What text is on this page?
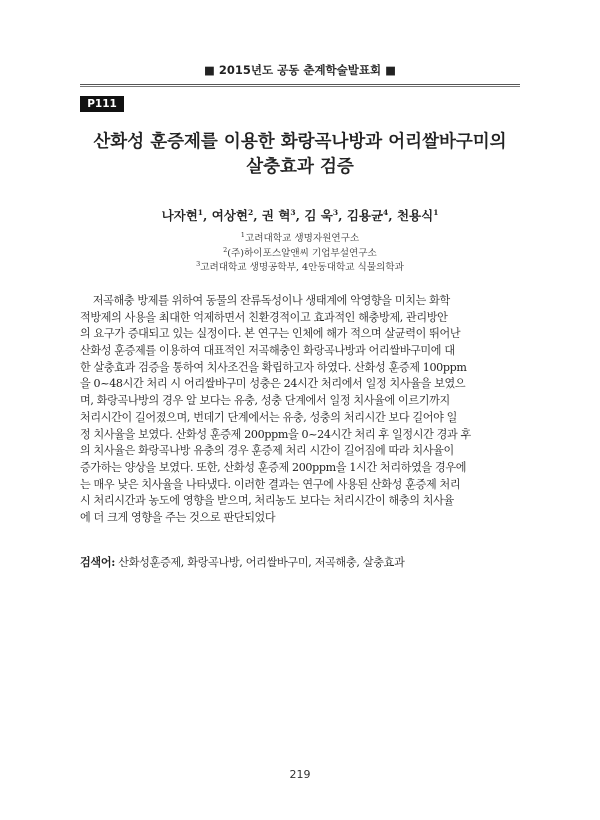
■ 2015년도 공동 춘계학술발표회 ■
P111
산화성 훈증제를 이용한 화랑곡나방과 어리쌀바구미의
살충효과 검증
나자현$^1$, 여상현$^2$, 권 혁$^3$, 김 욱$^3$, 김용균$^4$, 천용식$^1$
$^1$고려대학교 생명자원연구소
$^2$(주)하이포스알앤씨 기업부설연구소
$^3$고려대학교 생명공학부, 4안동대학교 식물의학과
저곡해충 방제를 위하여 동물의 잔류독성이나 생태계에 악영향을 미치는 화학
적방제의 사용을 최대한 억제하면서 친환경적이고 효과적인 해충방제, 관리방안
의 요구가 증대되고 있는 실정이다. 본 연구는 인체에 해가 적으며 살균력이 뛰어난
산화성 훈증제를 이용하여 대표적인 저곡해충인 화랑곡나방과 어리쌀바구미에 대
한 살충효과 검증을 통하여 치사조건을 확립하고자 하였다. 산화성 훈증제 100ppm
을 0~48시간 처리 시 어리쌀바구미 성충은 24시간 처리에서 일정 치사율을 보였으
며, 화랑곡나방의 경우 알 보다는 유충, 성충 단계에서 일정 치사율에 이르기까지
처리시간이 길어졌으며, 번데기 단계에서는 유충, 성충의 처리시간 보다 길어야 일
정 치사율을 보였다. 산화성 훈증제 200ppm을 0~24시간 처리 후 일정시간 경과 후
의 치사율은 화랑곡나방 유충의 경우 훈증제 처리 시간이 길어짐에 따라 치사율이
증가하는 양상을 보였다. 또한, 산화성 훈증제 200ppm을 1시간 처리하였을 경우에
는 매우 낮은 치사율을 나타냈다. 이러한 결과는 연구에 사용된 산화성 훈증제 처리
시 처리시간과 농도에 영향을 받으며, 처리농도 보다는 처리시간이 해충의 치사율
에 더 크게 영향을 주는 것으로 판단되었다
검색어: 산화성훈증제, 화랑곡나방, 어리쌀바구미, 저곡해충, 살충효과
219
